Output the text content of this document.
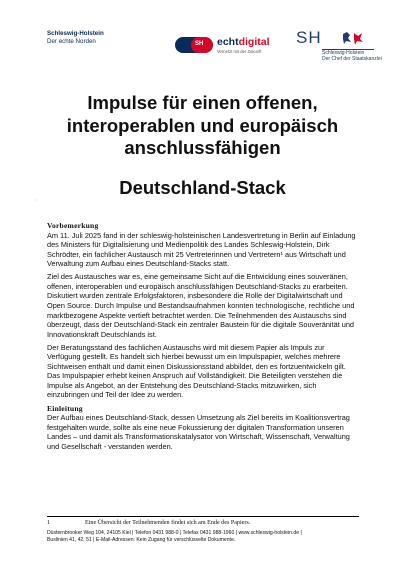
Schleswig-Holstein
Der echte Norden	SH echtdigital
Vernetzt mit der Zukunft
SH
Schleswig-Holstein
Der Chef der Staatskanzlei
Impulse für einen offenen,
interoperablen und europäisch
anschlussfähigen
Deutschland-Stack
`

Vorbemerkung

Am 11. Juli 2025 fand in der schleswig-holsteinischen Landesvertretung in Berlin auf Einladung des Ministers für Digitalisierung und Medienpolitik des Landes Schleswig-Holstein, Dirk Schrödter, ein fachlicher Austausch mit 25 Vertreterinnen und Vertretern¹ aus Wirtschaft und Verwaltung zum Aufbau eines Deutschland-Stacks statt.

Ziel des Austausches war es, eine gemeinsame Sicht auf die Entwicklung eines souveränen, offenen, interoperablen und europäisch anschlussfähigen Deutschland-Stacks zu erarbeiten. Diskutiert wurden zentrale Erfolgsfaktoren, insbesondere die Rolle der Digitalwirtschaft und Open Source. Durch Impulse und Bestandsaufnahmen konnten technologische, rechtliche und marktbezogene Aspekte vertieft betrachtet werden. Die Teilnehmenden des Austauschs sind überzeugt, dass der Deutschland-Stack ein zentraler Baustein für die digitale Souveränität und Innovationskraft Deutschlands ist.

Der Beratungsstand des fachlichen Austauschs wird mit diesem Papier als Impuls zur Verfügung gestellt. Es handelt sich hierbei bewusst um ein Impulspapier, welches mehrere Sichtweisen enthält und damit einen Diskussionsstand abbildet, den es fortzuentwickeln gilt. Das Impulspapier erhebt keinen Anspruch auf Vollständigkeit. Die Beteiligten verstehen die Impulse als Angebot, an der Entstehung des Deutschland-Stacks mitzuwirken, sich einzubringen und Teil der Idee zu werden.

Einleitung

Der Aufbau eines Deutschland-Stack, dessen Umsetzung als Ziel bereits im Koalitionsvertrag festgehalten wurde, sollte als eine neue Fokussierung der digitalen Transformation unseren Landes – und damit als Transformationskatalysator von Wirtschaft, Wissenschaft, Verwaltung und Gesellschaft - verstanden werden.

1	Eine Übersicht der Teilnehmenden findet sich am Ende des Papiers.
Düsternbrooker Weg 104, 24105 Kiel | Telefon 0431 988-0 | Telefax 0431 988-1960 | www.schleswig-holstein.de |
Buslinien 41, 42, 51 | E-Mail-Adressen: Kein Zugang für verschlüsselte Dokumente.
